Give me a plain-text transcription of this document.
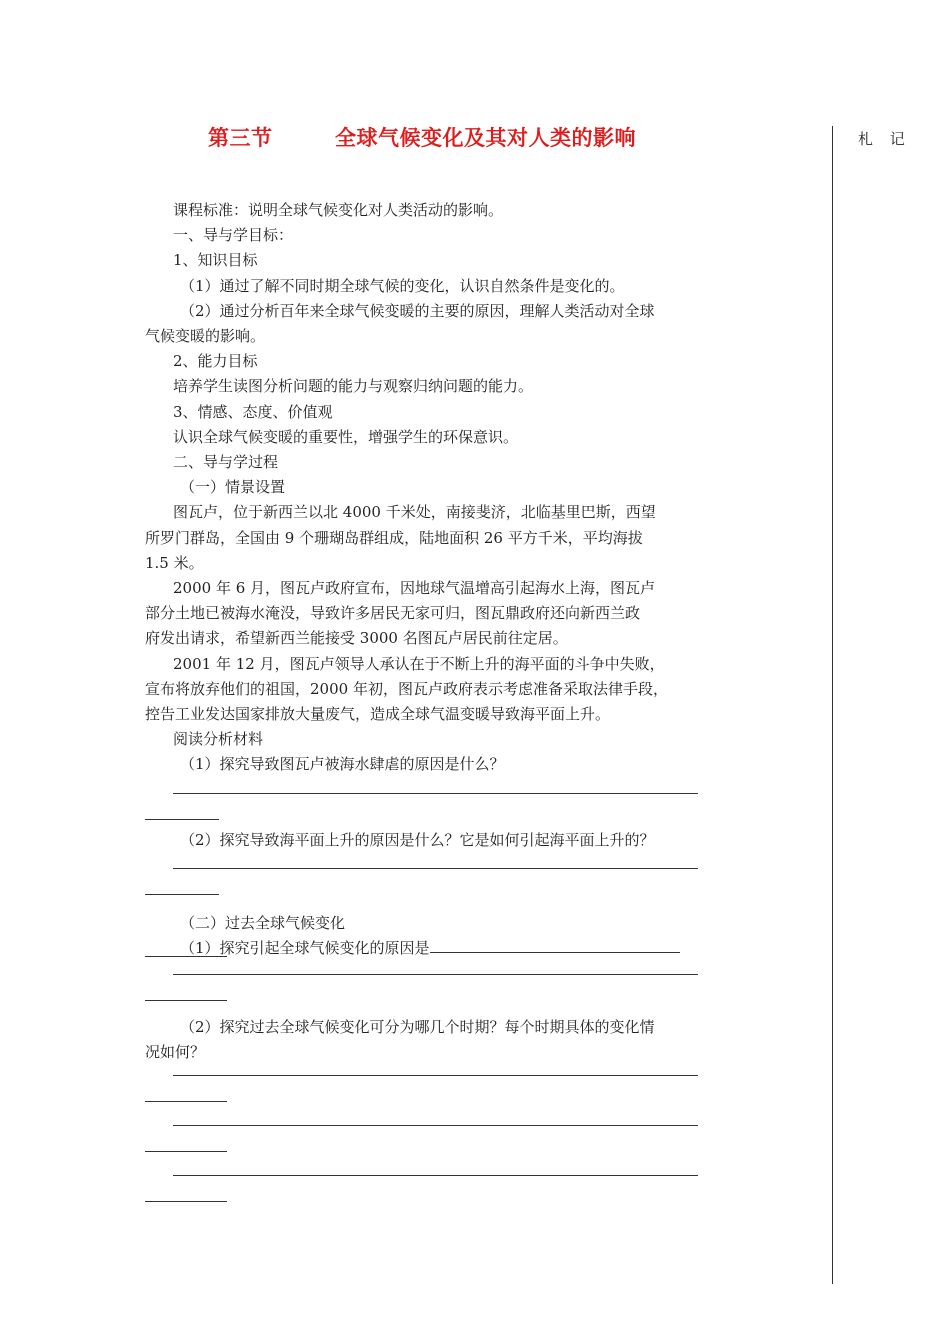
第三节        全球气候变化及其对人类的影响	札 记

课程标准：说明全球气候变化对人类活动的影响。

一、导与学目标：

1、知识目标

（1）通过了解不同时期全球气候的变化，认识自然条件是变化的。

（2）通过分析百年来全球气候变暖的主要的原因，理解人类活动对全球

气候变暖的影响。

2、能力目标

培养学生读图分析问题的能力与观察归纳问题的能力。

3、情感、态度、价值观

认识全球气候变暖的重要性，增强学生的环保意识。

二、导与学过程

（一）情景设置

图瓦卢，位于新西兰以北 4000 千米处，南接斐济，北临基里巴斯，西望

所罗门群岛，全国由 9 个珊瑚岛群组成，陆地面积 26 平方千米，平均海拔

1.5 米。

2000 年 6 月，图瓦卢政府宣布，因地球气温增高引起海水上海，图瓦卢

部分土地已被海水淹没，导致许多居民无家可归，图瓦鼎政府还向新西兰政

府发出请求，希望新西兰能接受 3000 名图瓦卢居民前往定居。

2001 年 12 月，图瓦卢领导人承认在于不断上升的海平面的斗争中失败，

宣布将放弃他们的祖国，2000 年初，图瓦卢政府表示考虑准备采取法律手段，

控告工业发达国家排放大量废气，造成全球气温变暖导致海平面上升。

阅读分析材料

（1）探究导致图瓦卢被海水肆虐的原因是什么？

（2）探究导致海平面上升的原因是什么？它是如何引起海平面上升的？

（二）过去全球气候变化

（1）探究引起全球气候变化的原因是

（2）探究过去全球气候变化可分为哪几个时期？每个时期具体的变化情

况如何？
